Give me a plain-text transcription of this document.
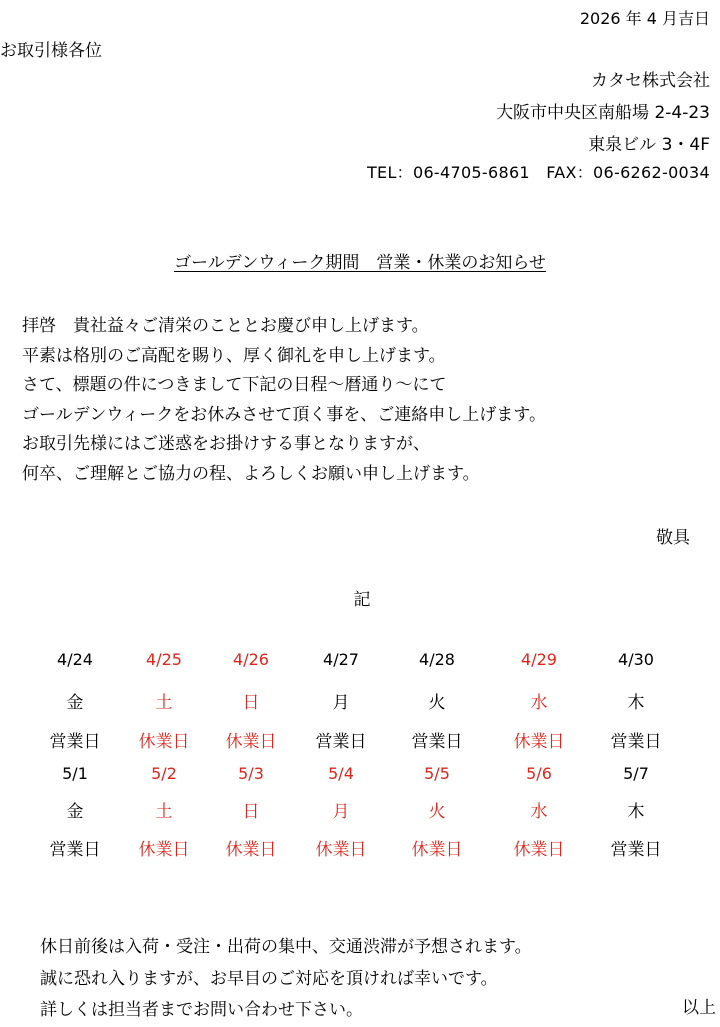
2026 年 4 月吉日
お取引様各位
カタセ株式会社
大阪市中央区南船場 2-4-23
東泉ビル 3・4F
TEL：06-4705-6861　FAX：06-6262-0034
ゴールデンウィーク期間　営業・休業のお知らせ
拝啓　貴社益々ご清栄のこととお慶び申し上げます。
平素は格別のご高配を賜り、厚く御礼を申し上げます。
さて、標題の件につきまして下記の日程～暦通り～にて
ゴールデンウィークをお休みさせて頂く事を、ご連絡申し上げます。
お取引先様にはご迷惑をお掛けする事となりますが、
何卒、ご理解とご協力の程、よろしくお願い申し上げます。
敬具
記
4/24
金
営業日
4/25
土
休業日
4/26
日
休業日
4/27
月
営業日
4/28
火
営業日
4/29
水
休業日
4/30
木
営業日
5/1
金
営業日
5/2
土
休業日
5/3
日
休業日
5/4
月
休業日
5/5
火
休業日
5/6
水
休業日
5/7
木
営業日
休日前後は入荷・受注・出荷の集中、交通渋滞が予想されます。
誠に恐れ入りますが、お早目のご対応を頂ければ幸いです。
詳しくは担当者までお問い合わせ下さい。	以上
